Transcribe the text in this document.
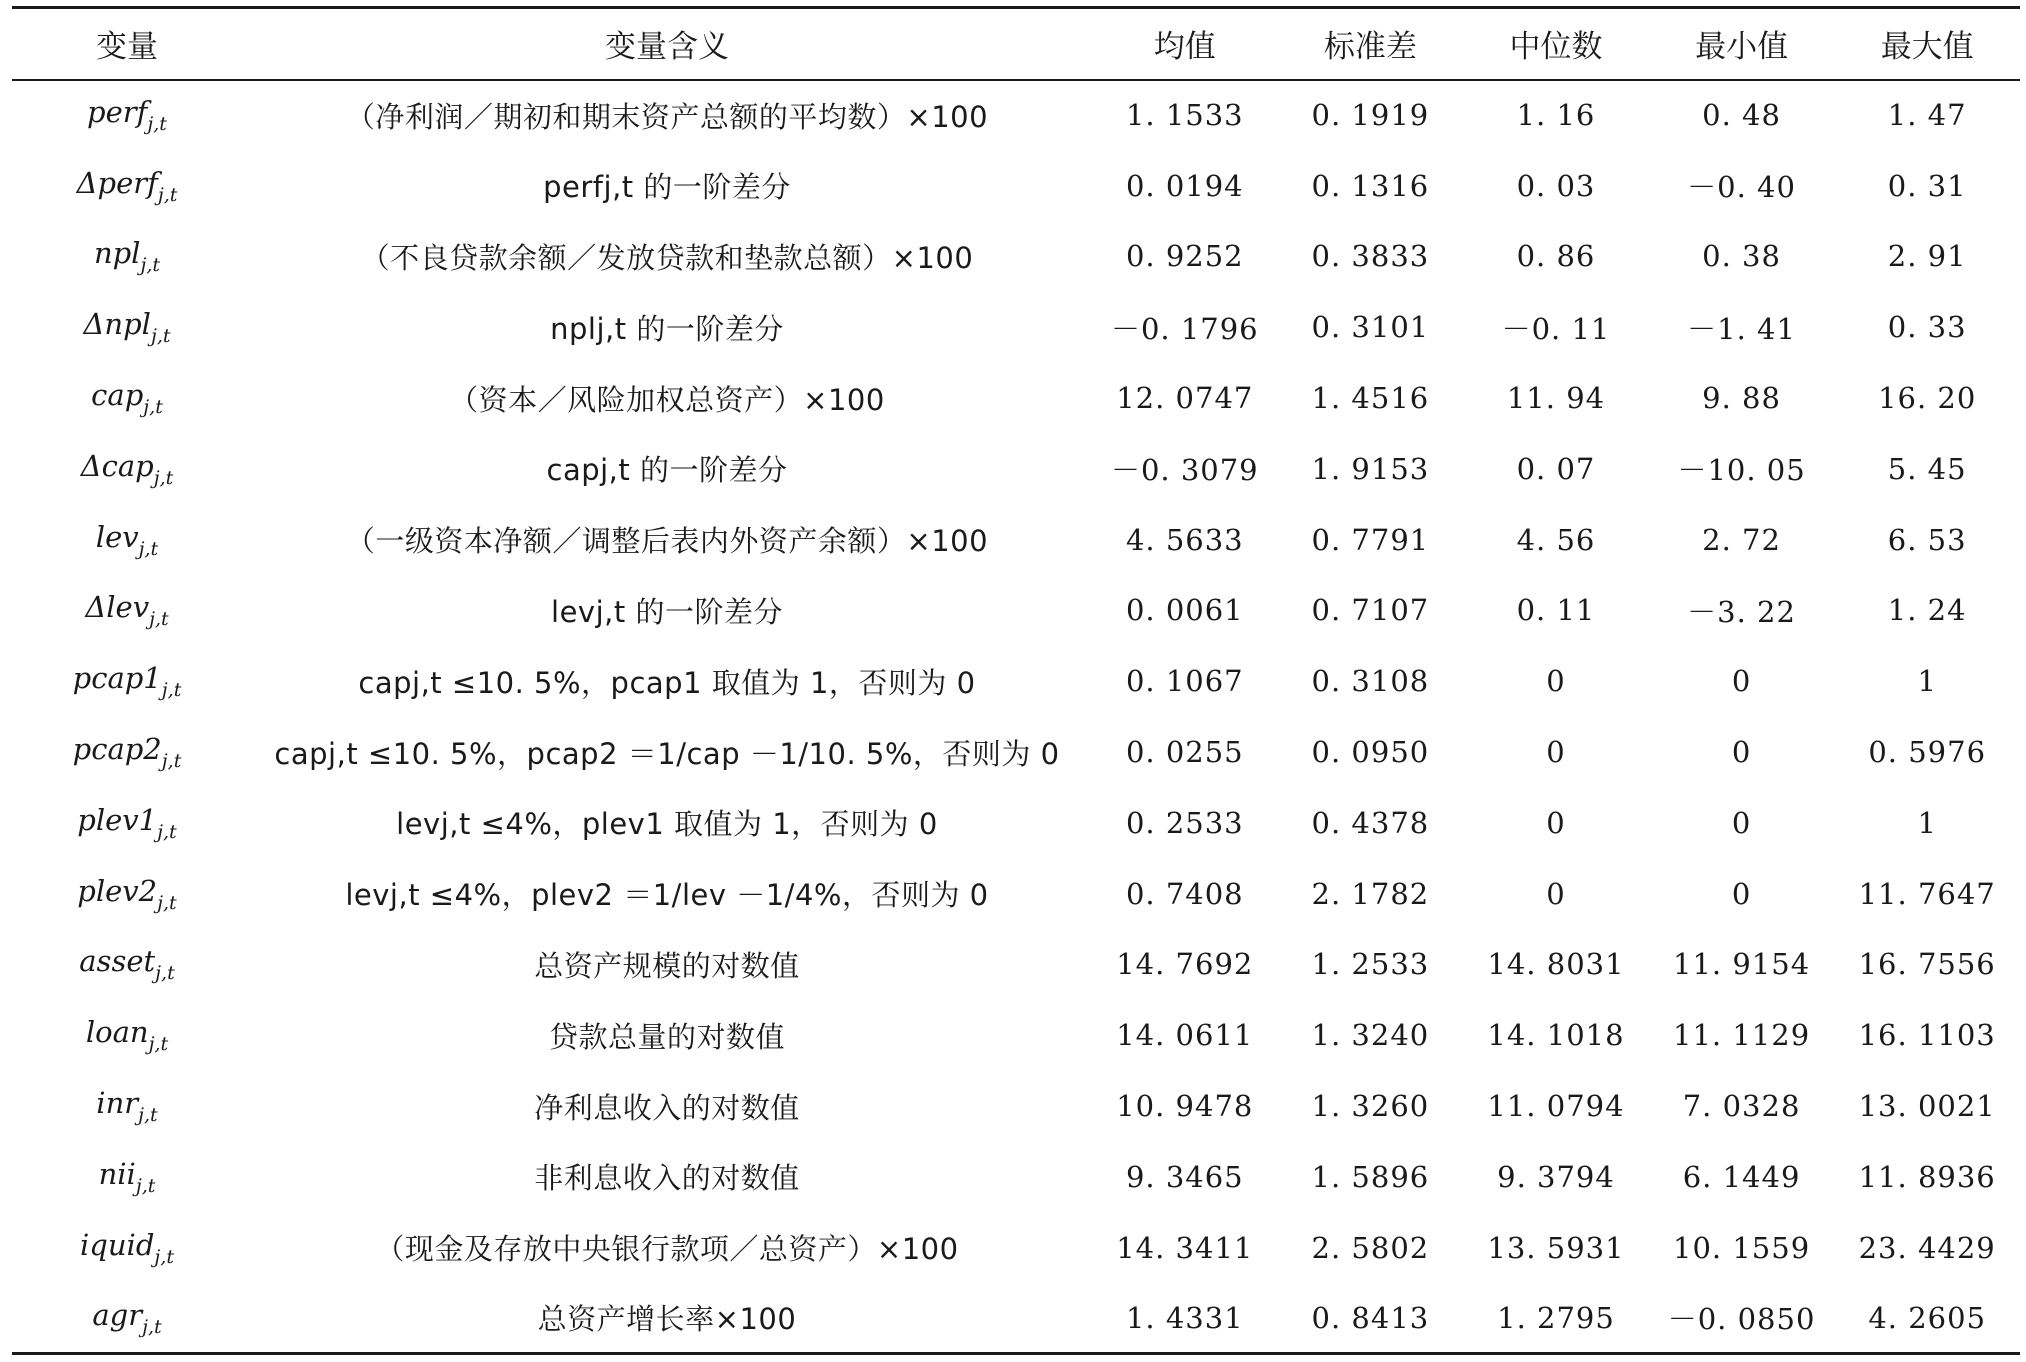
变量	变量含义	均值	标准差	中位数	最小值	最大值
perf$_{j,t}$	（净利润／期初和期末资产总额的平均数）×100	1. 1533	0. 1919	1. 16	0. 48	1. 47
Δperf$_{j,t}$	perfj,t 的一阶差分	0. 0194	0. 1316	0. 03	－0. 40	0. 31
npl$_{j,t}$	（不良贷款余额／发放贷款和垫款总额）×100	0. 9252	0. 3833	0. 86	0. 38	2. 91
Δnpl$_{j,t}$	nplj,t 的一阶差分	－0. 1796	0. 3101	－0. 11	－1. 41	0. 33
cap$_{j,t}$	（资本／风险加权总资产）×100	12. 0747	1. 4516	11. 94	9. 88	16. 20
Δcap$_{j,t}$	capj,t 的一阶差分	－0. 3079	1. 9153	0. 07	－10. 05	5. 45
lev$_{j,t}$	（一级资本净额／调整后表内外资产余额）×100	4. 5633	0. 7791	4. 56	2. 72	6. 53
Δlev$_{j,t}$	levj,t 的一阶差分	0. 0061	0. 7107	0. 11	－3. 22	1. 24
$pcap1_{j,t}$	capj,t ≤10. 5%，pcap1 取值为 1，否则为 0	0. 1067	0. 3108	0	0	1
$pcap2_{j,t}$	capj,t ≤10. 5%，pcap2 ＝1/cap －1/10. 5%，否则为 0	0. 0255	0. 0950	0	0	0. 5976
$plev1_{j,t}$	levj,t ≤4%，plev1 取值为 1，否则为 0	0. 2533	0. 4378	0	0	1
$plev2_{j,t}$	levj,t ≤4%，plev2 ＝1/lev －1/4%，否则为 0	0. 7408	2. 1782	0	0	11. 7647
asset$_{j,t}$	总资产规模的对数值	14. 7692	1. 2533	14. 8031	11. 9154	16. 7556
loan$_{j,t}$	贷款总量的对数值	14. 0611	1. 3240	14. 1018	11. 1129	16. 1103
inr$_{j,t}$	净利息收入的对数值	10. 9478	1. 3260	11. 0794	7. 0328	13. 0021
nii$_{j,t}$	非利息收入的对数值	9. 3465	1. 5896	9. 3794	6. 1449	11. 8936
iquid$_{j,t}$	（现金及存放中央银行款项／总资产）×100	14. 3411	2. 5802	13. 5931	10. 1559	23. 4429
agr$_{j,t}$	总资产增长率×100	1. 4331	0. 8413	1. 2795	－0. 0850	4. 2605
